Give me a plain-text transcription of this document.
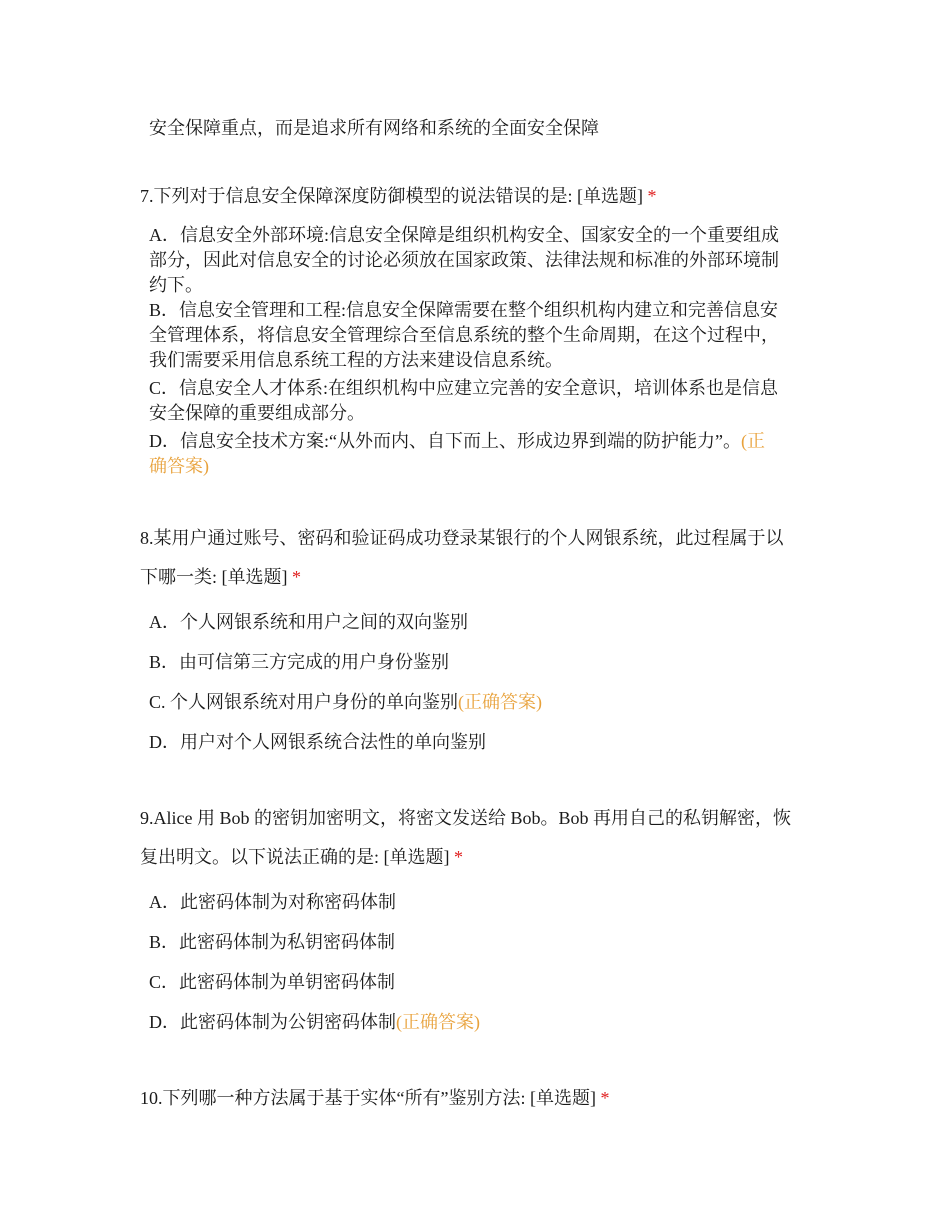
安全保障重点，而是追求所有网络和系统的全面安全保障
7.下列对于信息安全保障深度防御模型的说法错误的是: [单选题] *
A．信息安全外部环境:信息安全保障是组织机构安全、国家安全的一个重要组成
部分，因此对信息安全的讨论必须放在国家政策、法律法规和标准的外部环境制
约下。
B．信息安全管理和工程:信息安全保障需要在整个组织机构内建立和完善信息安
全管理体系，将信息安全管理综合至信息系统的整个生命周期，在这个过程中，
我们需要采用信息系统工程的方法来建设信息系统。
C．信息安全人才体系:在组织机构中应建立完善的安全意识，培训体系也是信息
安全保障的重要组成部分。
D．信息安全技术方案:“从外而内、自下而上、形成边界到端的防护能力”。(正
确答案)
8.某用户通过账号、密码和验证码成功登录某银行的个人网银系统，此过程属于以
下哪一类: [单选题] *
A．个人网银系统和用户之间的双向鉴别
B．由可信第三方完成的用户身份鉴别
C. 个人网银系统对用户身份的单向鉴别(正确答案)
D．用户对个人网银系统合法性的单向鉴别
9.Alice 用 Bob 的密钥加密明文，将密文发送给 Bob。Bob 再用自己的私钥解密，恢
复出明文。以下说法正确的是: [单选题] *
A．此密码体制为对称密码体制
B．此密码体制为私钥密码体制
C．此密码体制为单钥密码体制
D．此密码体制为公钥密码体制(正确答案)
10.下列哪一种方法属于基于实体“所有”鉴别方法: [单选题] *
